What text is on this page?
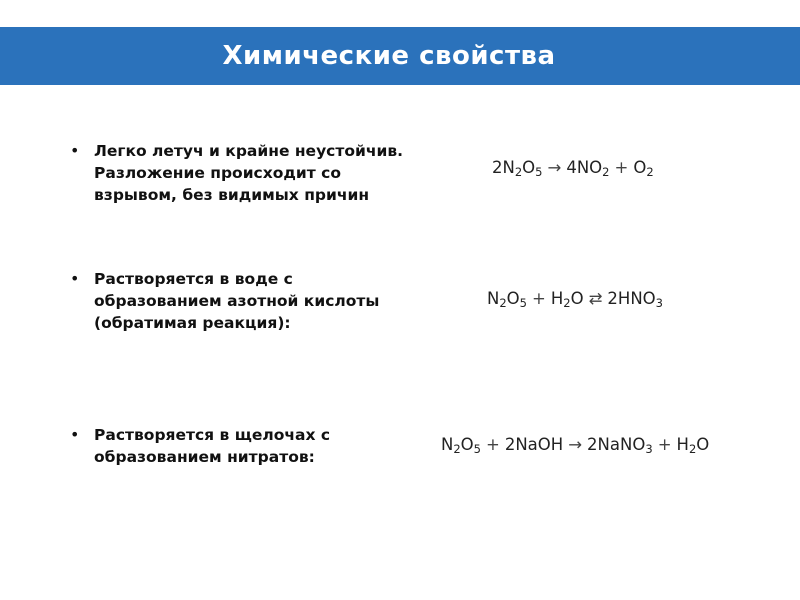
Химические свойства
• Легко летуч и крайне неустойчив.
Разложение происходит со
взрывом, без видимых причин
$2N_2O_5 \to 4NO_2 + O_2$
• Растворяется в воде с
образованием азотной кислоты
(обратимая реакция):
$N_2O_5 + H_2O$ ⇄ $2HNO_3$
• Растворяется в щелочах с
образованием нитратов:
$N_2O_5$ + 2NaOH → 2NaNO$_3$ + $H_2O$
